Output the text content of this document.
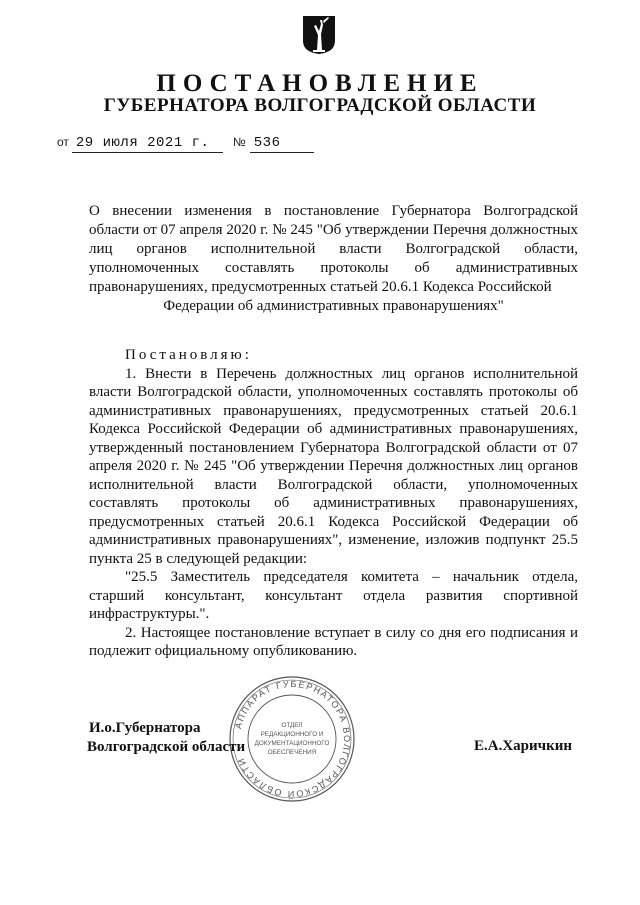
ПОСТАНОВЛЕНИЕ
ГУБЕРНАТОРА ВОЛГОГРАДСКОЙ ОБЛАСТИ
от 29 июля 2021 г. № 536
О внесении изменения в постановление Губернатора Волгоградской области от 07 апреля 2020 г. № 245 "Об утверждении Перечня должностных лиц органов исполнительной власти Волгоградской области, уполномоченных составлять протоколы об административных правонарушениях, предусмотренных статьей 20.6.1 Кодекса Российской
Федерации об административных правонарушениях"

Постановляю:

1. Внести в Перечень должностных лиц органов исполнительной власти Волгоградской области, уполномоченных составлять протоколы об административных правонарушениях, предусмотренных статьей 20.6.1 Кодекса Российской Федерации об административных правонарушениях, утвержденный постановлением Губернатора Волгоградской области от 07 апреля 2020 г. № 245 "Об утверждении Перечня должностных лиц органов исполнительной власти Волгоградской области, уполномоченных составлять протоколы об административных правонарушениях, предусмотренных статьей 20.6.1 Кодекса Российской Федерации об административных правонарушениях", изменение, изложив подпункт 25.5 пункта 25 в следующей редакции:

"25.5 Заместитель председателя комитета – начальник отдела, старший консультант, консультант отдела развития спортивной инфраструктуры.".

2. Настоящее постановление вступает в силу со дня его подписания и подлежит официальному опубликованию.

АППАРАТ ГУБЕРНАТОРА ВОЛГОГРАДСКОЙ ОБЛАСТИ
ОТДЕЛ
РЕДАКЦИОННОГО И
ДОКУМЕНТАЦИОННОГО
ОБЕСПЕЧЕНИЯ
И.о.Губернатора
Волгоградской области	Е.А.Харичкин
